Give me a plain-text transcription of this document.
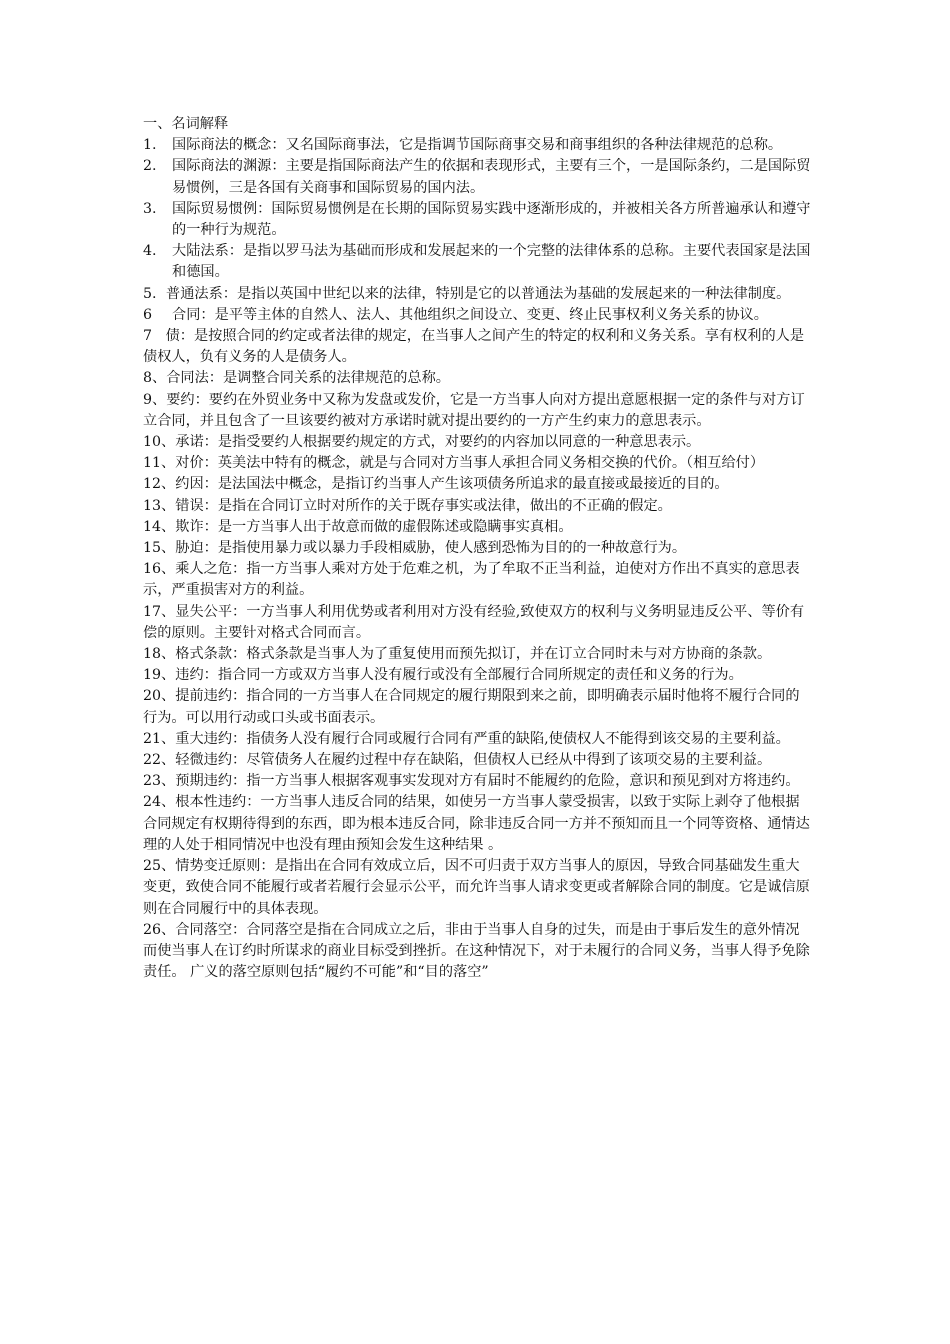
一、名词解释

1.	国际商法的概念：又名国际商事法，它是指调节国际商事交易和商事组织的各种法律规范的总称。
2.	国际商法的渊源：主要是指国际商法产生的依据和表现形式，主要有三个，一是国际条约，二是国际贸易惯例，三是各国有关商事和国际贸易的国内法。
3.	国际贸易惯例：国际贸易惯例是在长期的国际贸易实践中逐渐形成的，并被相关各方所普遍承认和遵守的一种行为规范。
4.	大陆法系：是指以罗马法为基础而形成和发展起来的一个完整的法律体系的总称。主要代表国家是法国和德国。
5. 普通法系：是指以英国中世纪以来的法律，特别是它的以普通法为基础的发展起来的一种法律制度。
6	合同：是平等主体的自然人、法人、其他组织之间设立、变更、终止民事权利义务关系的协议。
7   债：是按照合同的约定或者法律的规定，在当事人之间产生的特定的权利和义务关系。享有权利的人是债权人，负有义务的人是债务人。
8、合同法：是调整合同关系的法律规范的总称。
9、要约：要约在外贸业务中又称为发盘或发价，它是一方当事人向对方提出意愿根据一定的条件与对方订立合同，并且包含了一旦该要约被对方承诺时就对提出要约的一方产生约束力的意思表示。
10、承诺：是指受要约人根据要约规定的方式，对要约的内容加以同意的一种意思表示。
11、对价：英美法中特有的概念，就是与合同对方当事人承担合同义务相交换的代价。（相互给付）
12、约因：是法国法中概念，是指订约当事人产生该项债务所追求的最直接或最接近的目的。
13、错误：是指在合同订立时对所作的关于既存事实或法律，做出的不正确的假定。
14、欺诈：是一方当事人出于故意而做的虚假陈述或隐瞒事实真相。
15、胁迫：是指使用暴力或以暴力手段相威胁，使人感到恐怖为目的的一种故意行为。
16、乘人之危：指一方当事人乘对方处于危难之机，为了牟取不正当利益，迫使对方作出不真实的意思表示，严重损害对方的利益。
17、显失公平：一方当事人利用优势或者利用对方没有经验,致使双方的权利与义务明显违反公平、等价有偿的原则。主要针对格式合同而言。
18、格式条款：格式条款是当事人为了重复使用而预先拟订，并在订立合同时未与对方协商的条款。
19、违约：指合同一方或双方当事人没有履行或没有全部履行合同所规定的责任和义务的行为。
20、提前违约：指合同的一方当事人在合同规定的履行期限到来之前，即明确表示届时他将不履行合同的行为。可以用行动或口头或书面表示。
21、重大违约：指债务人没有履行合同或履行合同有严重的缺陷,使债权人不能得到该交易的主要利益。
22、轻微违约：尽管债务人在履约过程中存在缺陷，但债权人已经从中得到了该项交易的主要利益。
23、预期违约：指一方当事人根据客观事实发现对方有届时不能履约的危险，意识和预见到对方将违约。
24、根本性违约：一方当事人违反合同的结果，如使另一方当事人蒙受损害，以致于实际上剥夺了他根据合同规定有权期待得到的东西，即为根本违反合同，除非违反合同一方并不预知而且一个同等资格、通情达理的人处于相同情况中也没有理由预知会发生这种结果 。
25、情势变迁原则：是指出在合同有效成立后，因不可归责于双方当事人的原因，导致合同基础发生重大变更，致使合同不能履行或者若履行会显示公平，而允许当事人请求变更或者解除合同的制度。它是诚信原则在合同履行中的具体表现。
26、合同落空：合同落空是指在合同成立之后，非由于当事人自身的过失，而是由于事后发生的意外情况而使当事人在订约时所谋求的商业目标受到挫折。在这种情况下，对于未履行的合同义务，当事人得予免除责任。 广义的落空原则包括“履约不可能”和“目的落空”
